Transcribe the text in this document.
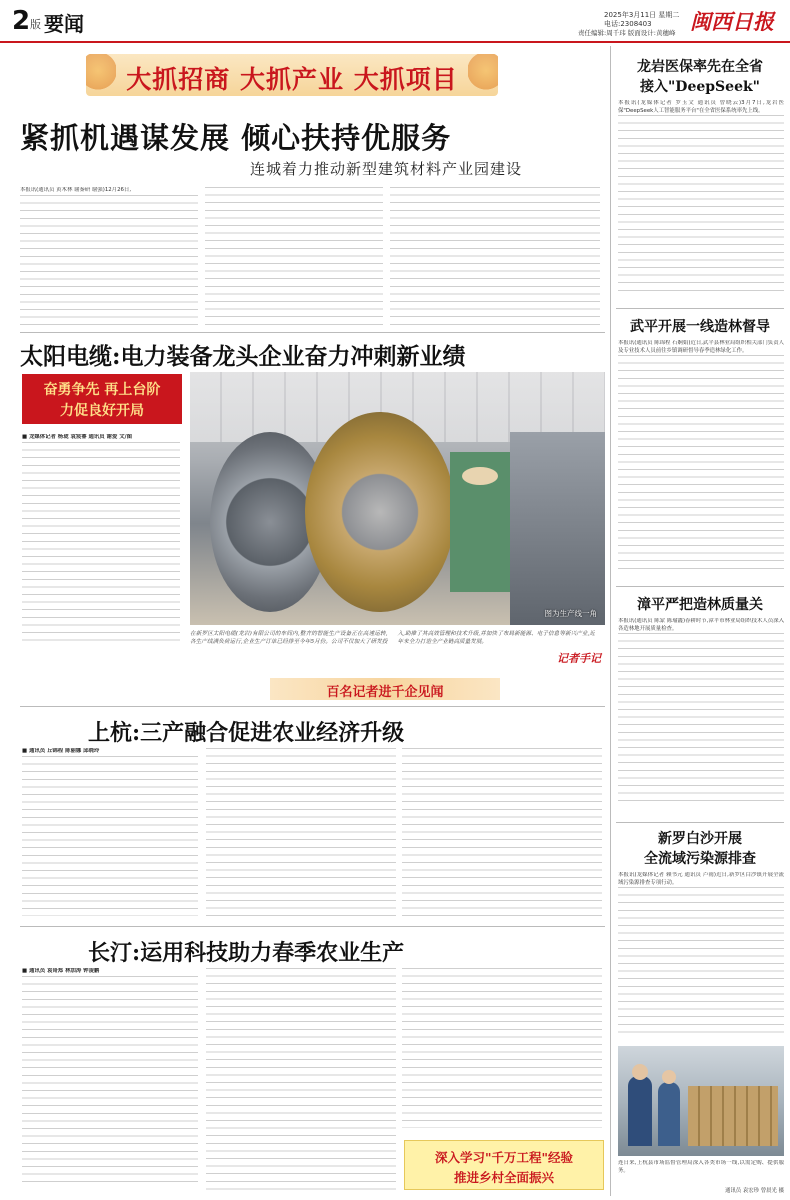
2 版 要闻	2025年3月11日 星期二
电话:2308403
责任编辑:周千玮 版面设计:黄穗峰 闽西日报
大抓招商 大抓产业 大抓项目
紧抓机遇谋发展 倾心扶持优服务
连城着力推动新型建筑材料产业园建设
本报讯(通讯员 黄木林 谢秦研 谢强)12月26日,
太阳电缆:电力装备龙头企业奋力冲刺新业绩
奋勇争先 再上台阶
力促良好开局
■ 龙媒体记者 杨珑 袁宸睿 通讯员 谢爱 文/图
图为生产线一角
在新罗区太阳电缆(龙岩)有限公司的车间内,整齐的智能生产设备正在高速运转,各生产线满负荷运行,企业生产订单已经排至今年5月份。公司不仅加大了研发投入,助推了其高效管理和技术升级,并加快了布局新能源、电子信息等新兴产业,近年来全力打造全产业链高质量发展。
记者手记
百名记者进千企见闻
上杭:三产融合促进农业经济升级
■ 通讯员 丘锦程 陈丽娜 邱晓玲
长汀:运用科技助力春季农业生产
■ 通讯员 袁哥郑 林加涛 钟凌鹏
深入学习"千万工程"经验
推进乡村全面振兴
龙岩医保率先在全省
接入"DeepSeek"
本报讯(龙媒体记者 罗玉文 通讯员 曾晓云)3月7日,龙岩医保"DeepSeek人工智能服务平台"在全省医保系统率先上线。
武平开展一线造林督导
本报讯(通讯员 陈锦程 石娴娟)近日,武平县林业局组织相关部门负责人及专业技术人员前往乡镇调研督导春季造林绿化工作。
漳平严把造林质量关
本报讯(通讯员 陈蒙 陈瑜鑫)春耕时节,漳平市林业局组织技术人员深入各造林地开展质量检查。
新罗白沙开展
全流域污染源排查
本报讯(龙媒体记者 赖书元 通讯员 卢雨)近日,新罗区白沙镇开展全流域污染源排查专项行动。
连日来,上杭县市场监督管理局深入各类市场一线,以需定购、提供服务。
通讯员 袁宏珍 曾晨光 摄
